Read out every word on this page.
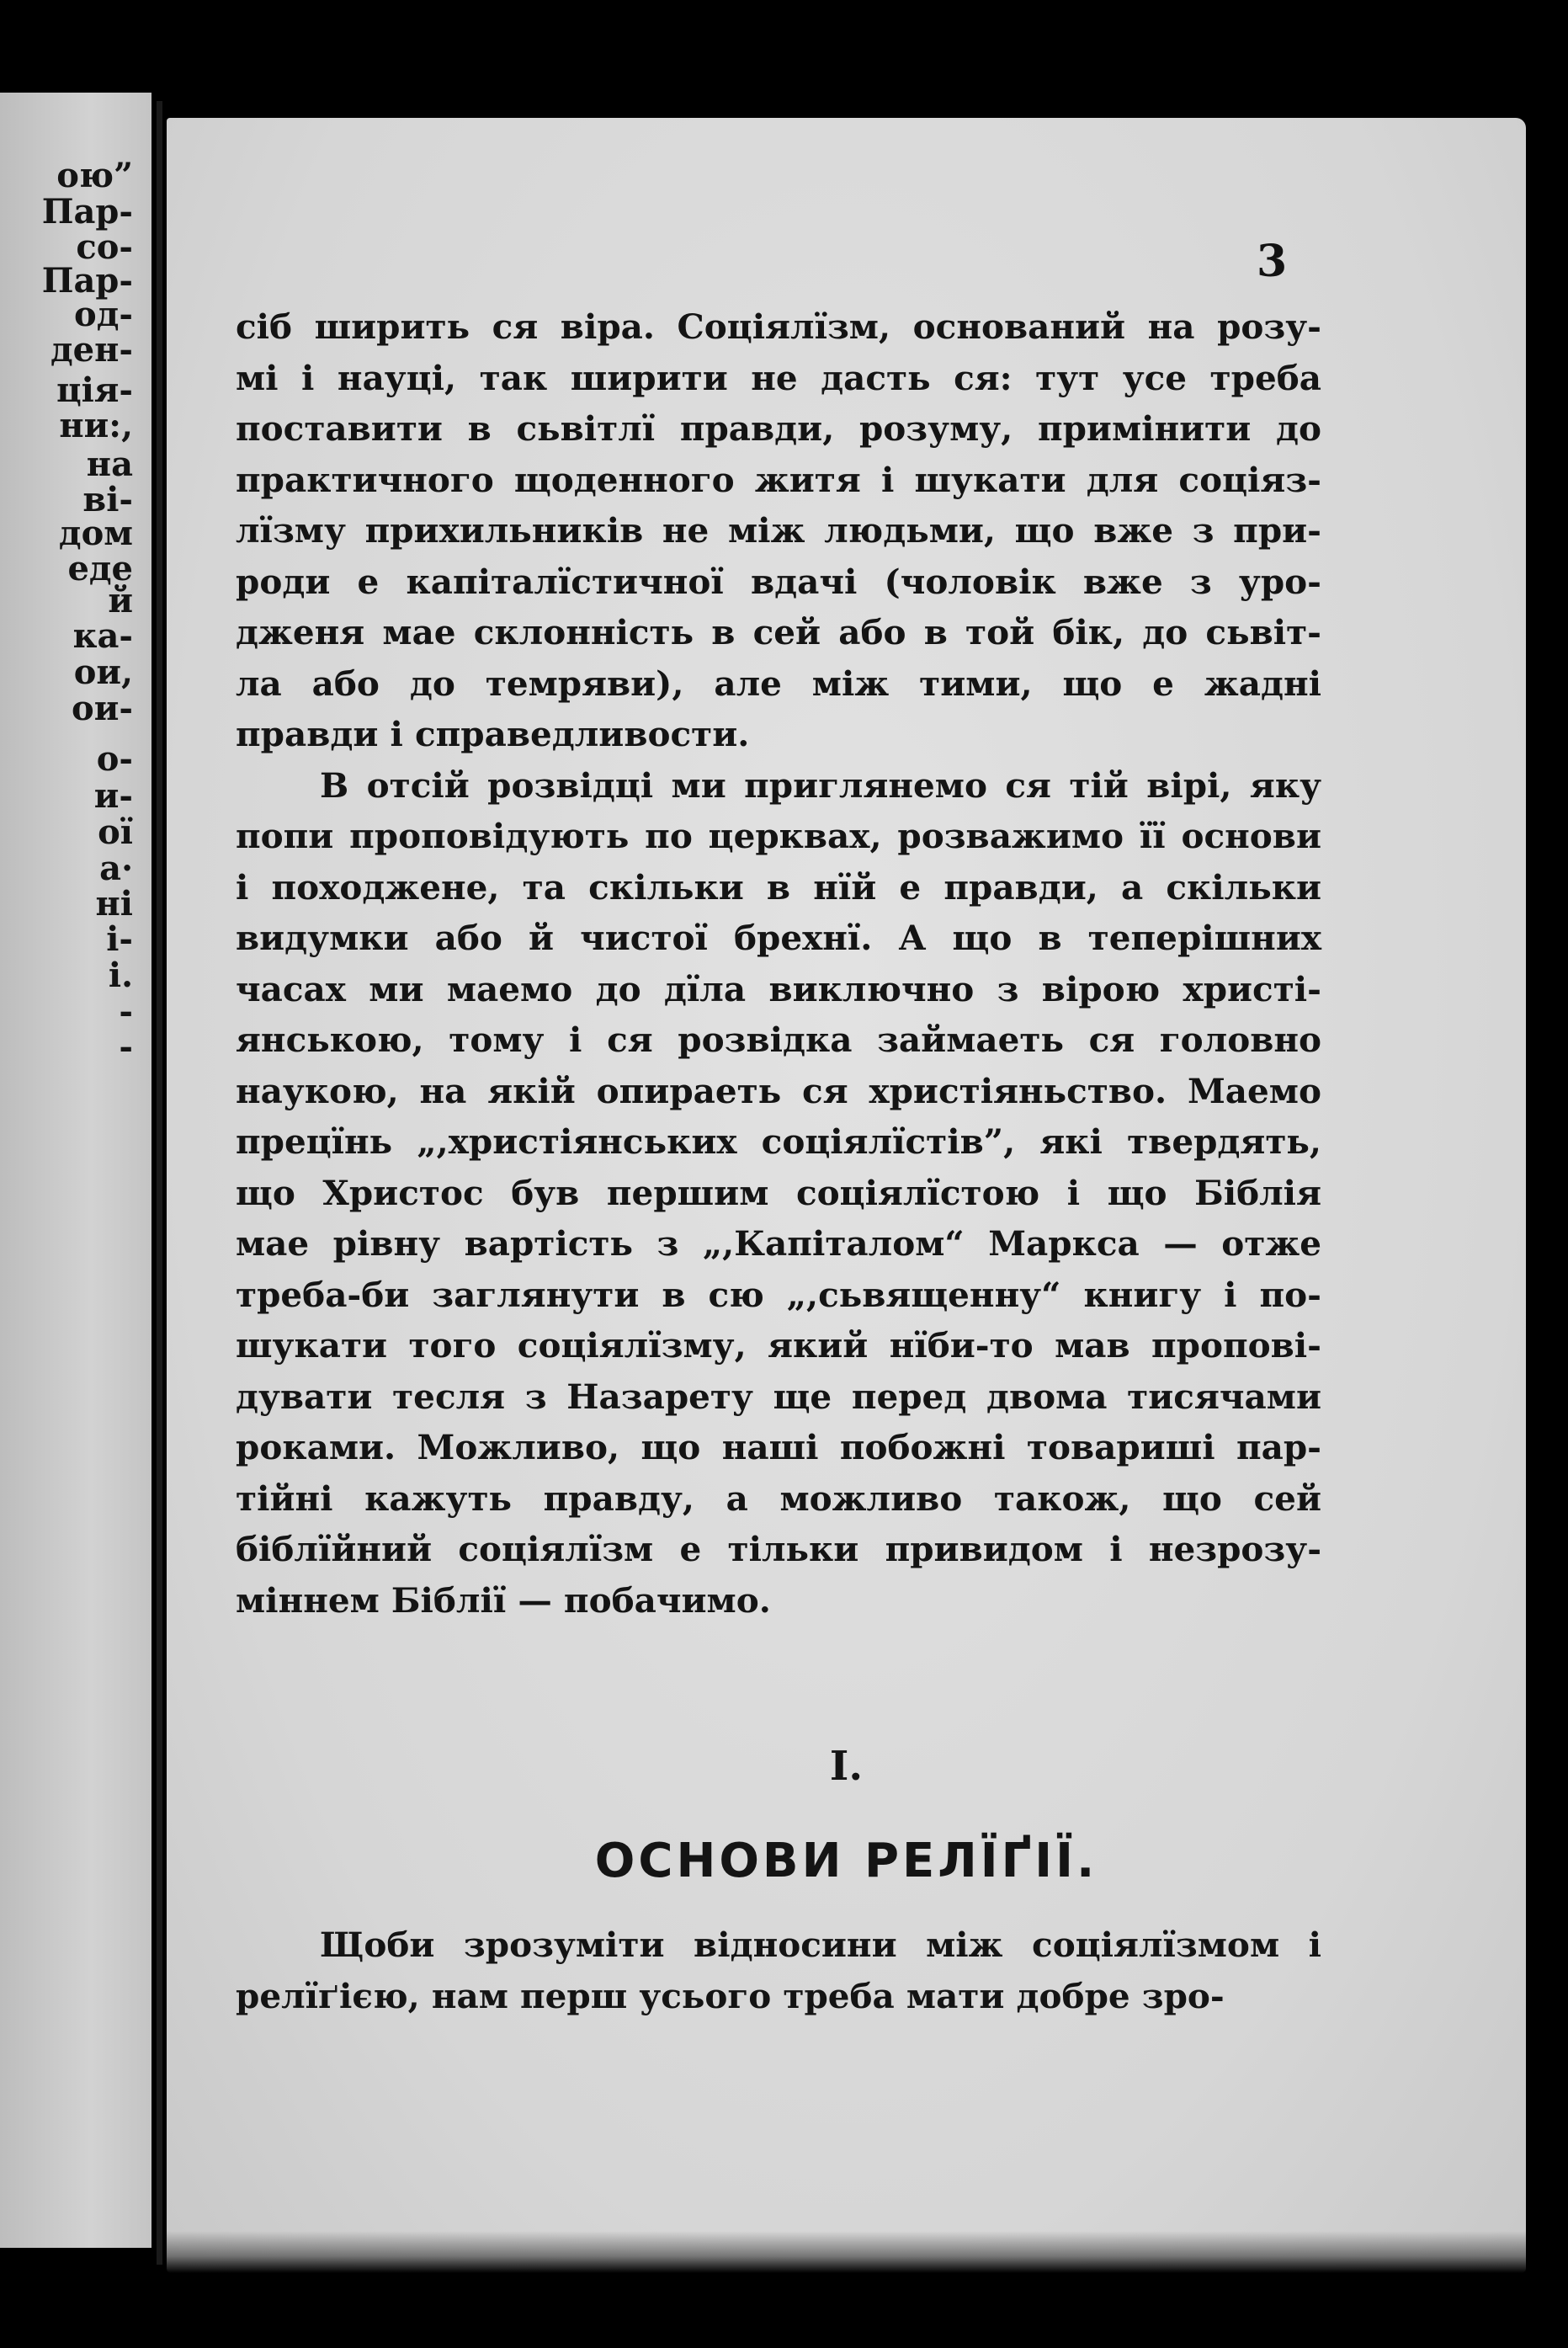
ою”
Пар-
со-
Пар-
од-
ден-
ція-
ни:,
на
ві-
дом
еде
й
ка-
ои,
ои-
о-
и-
ої
а·
ні
і-
і.
-
-
3
сіб ширить ся віра. Соціялїзм, оснований на розу-
мі і науці, так ширити не дасть ся: тут усе треба
поставити в сьвітлї правди, розуму, примінити до
практичного щоденного житя і шукати для соціяз-
лїзму прихильників не між людьми, що вже з при-
роди е капіталїстичної вдачі (чоловік вже з уро-
дженя мае склонність в сей або в той бік, до сьвіт-
ла або до темряви), але між тими, що е жадні
правди і справедливости.
В отсій розвідці ми приглянемо ся тій вірі, яку
попи проповідують по церквах, розважимо її основи
і походжене, та скільки в нїй е правди, а скільки
видумки або й чистої брехнї. А що в теперішних
часах ми маемо до дїла виключно з вірою христі-
янською, тому і ся розвідка займаеть ся головно
наукою, на якій опираеть ся христіяньство. Маемо
прецїнь „,христіянських соціялїстів”, які твердять,
що Христос був першим соціялїстою і що Біблія
мае рівну вартість з „,Капіталом“ Маркса — отже
треба-би заглянути в сю „,сьвященну“ книгу і по-
шукати того соціялїзму, який нїби-то мав пропові-
дувати тесля з Назарету ще перед двома тисячами
роками. Можливо, що наші побожні товариші пар-
тійні кажуть правду, а можливо також, що сей
біблїйний соціялїзм е тільки привидом і незрозу-
міннем Біблії — побачимо.
I.
ОСНОВИ РЕЛЇҐІЇ.
Щоби зрозуміти відносини між соціялїзмом і
релїґією, нам перш усього треба мати добре зро-
